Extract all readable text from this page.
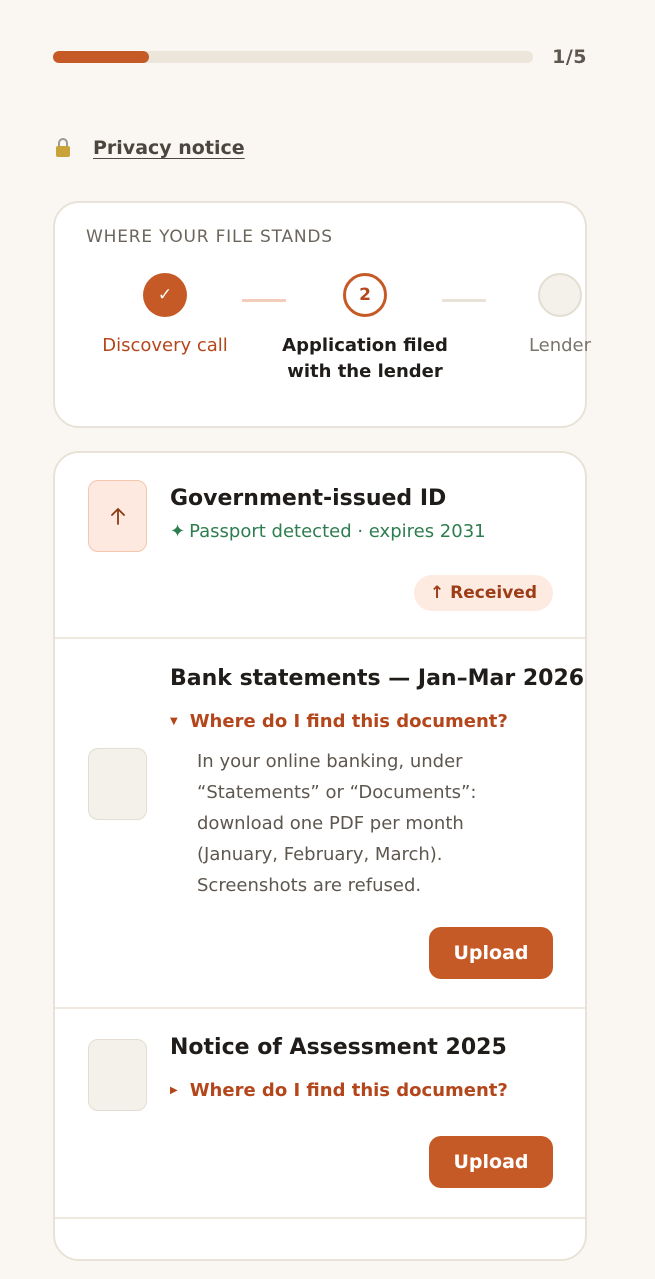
1/5
Privacy notice
WHERE YOUR FILE STANDS
✓
Discovery call
2
Application filed with the lender
Lender
Government-issued ID
✦ Passport detected · expires 2031
↑ Received
Bank statements — Jan–Mar 2026
▼ Where do I find this document?
In your online banking, under “Statements” or “Documents”: download one PDF per month (January, February, March). Screenshots are refused.
Upload
Notice of Assessment 2025
▶ Where do I find this document?
Upload
